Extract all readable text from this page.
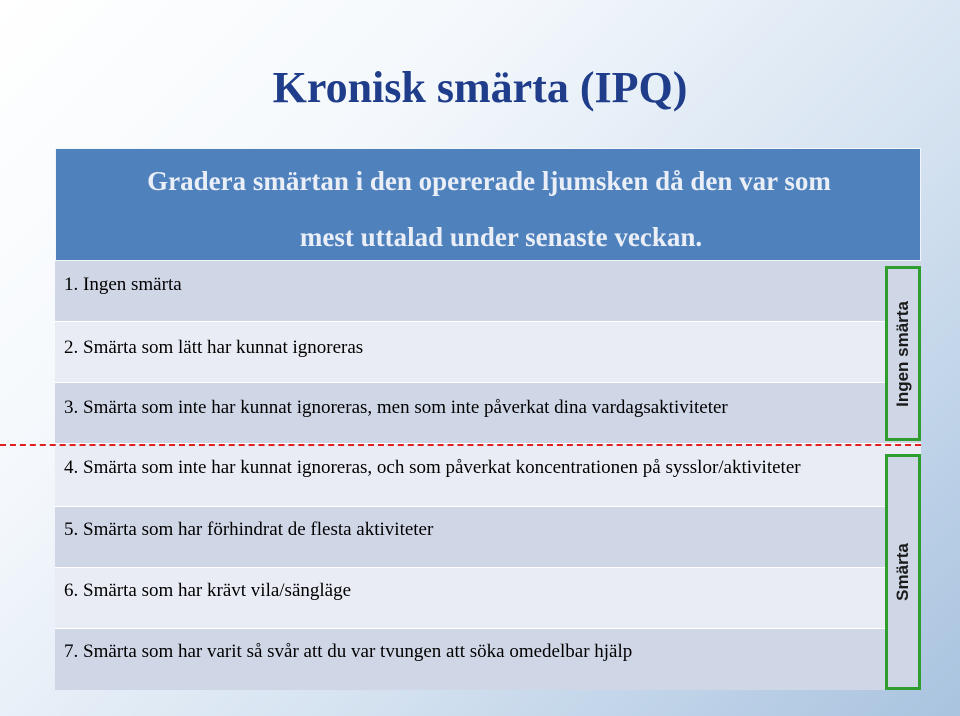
Kronisk smärta (IPQ)
Gradera smärtan i den opererade ljumsken då den var som
mest uttalad under senaste veckan.
1. Ingen smärta
2. Smärta som lätt har kunnat ignoreras
3. Smärta som inte har kunnat ignoreras, men som inte påverkat dina vardagsaktiviteter
4. Smärta som inte har kunnat ignoreras, och som påverkat koncentrationen på sysslor/aktiviteter
5. Smärta som har förhindrat de flesta aktiviteter
6. Smärta som har krävt vila/sängläge
7. Smärta som har varit så svår att du var tvungen att söka omedelbar hjälp
Ingen smärta
Smärta
